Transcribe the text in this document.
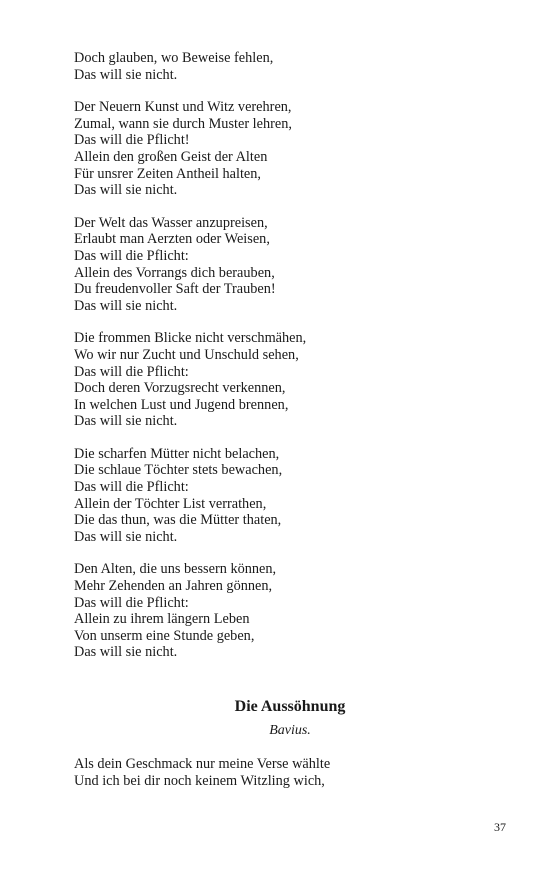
Doch glauben, wo Beweise fehlen,
Das will sie nicht.
Der Neuern Kunst und Witz verehren,
Zumal, wann sie durch Muster lehren,
Das will die Pflicht!
Allein den großen Geist der Alten
Für unsrer Zeiten Antheil halten,
Das will sie nicht.
Der Welt das Wasser anzupreisen,
Erlaubt man Aerzten oder Weisen,
Das will die Pflicht:
Allein des Vorrangs dich berauben,
Du freudenvoller Saft der Trauben!
Das will sie nicht.
Die frommen Blicke nicht verschmähen,
Wo wir nur Zucht und Unschuld sehen,
Das will die Pflicht:
Doch deren Vorzugsrecht verkennen,
In welchen Lust und Jugend brennen,
Das will sie nicht.
Die scharfen Mütter nicht belachen,
Die schlaue Töchter stets bewachen,
Das will die Pflicht:
Allein der Töchter List verrathen,
Die das thun, was die Mütter thaten,
Das will sie nicht.
Den Alten, die uns bessern können,
Mehr Zehenden an Jahren gönnen,
Das will die Pflicht:
Allein zu ihrem längern Leben
Von unserm eine Stunde geben,
Das will sie nicht.
Die Aussöhnung
Bavius.
Als dein Geschmack nur meine Verse wählte
Und ich bei dir noch keinem Witzling wich,
37
